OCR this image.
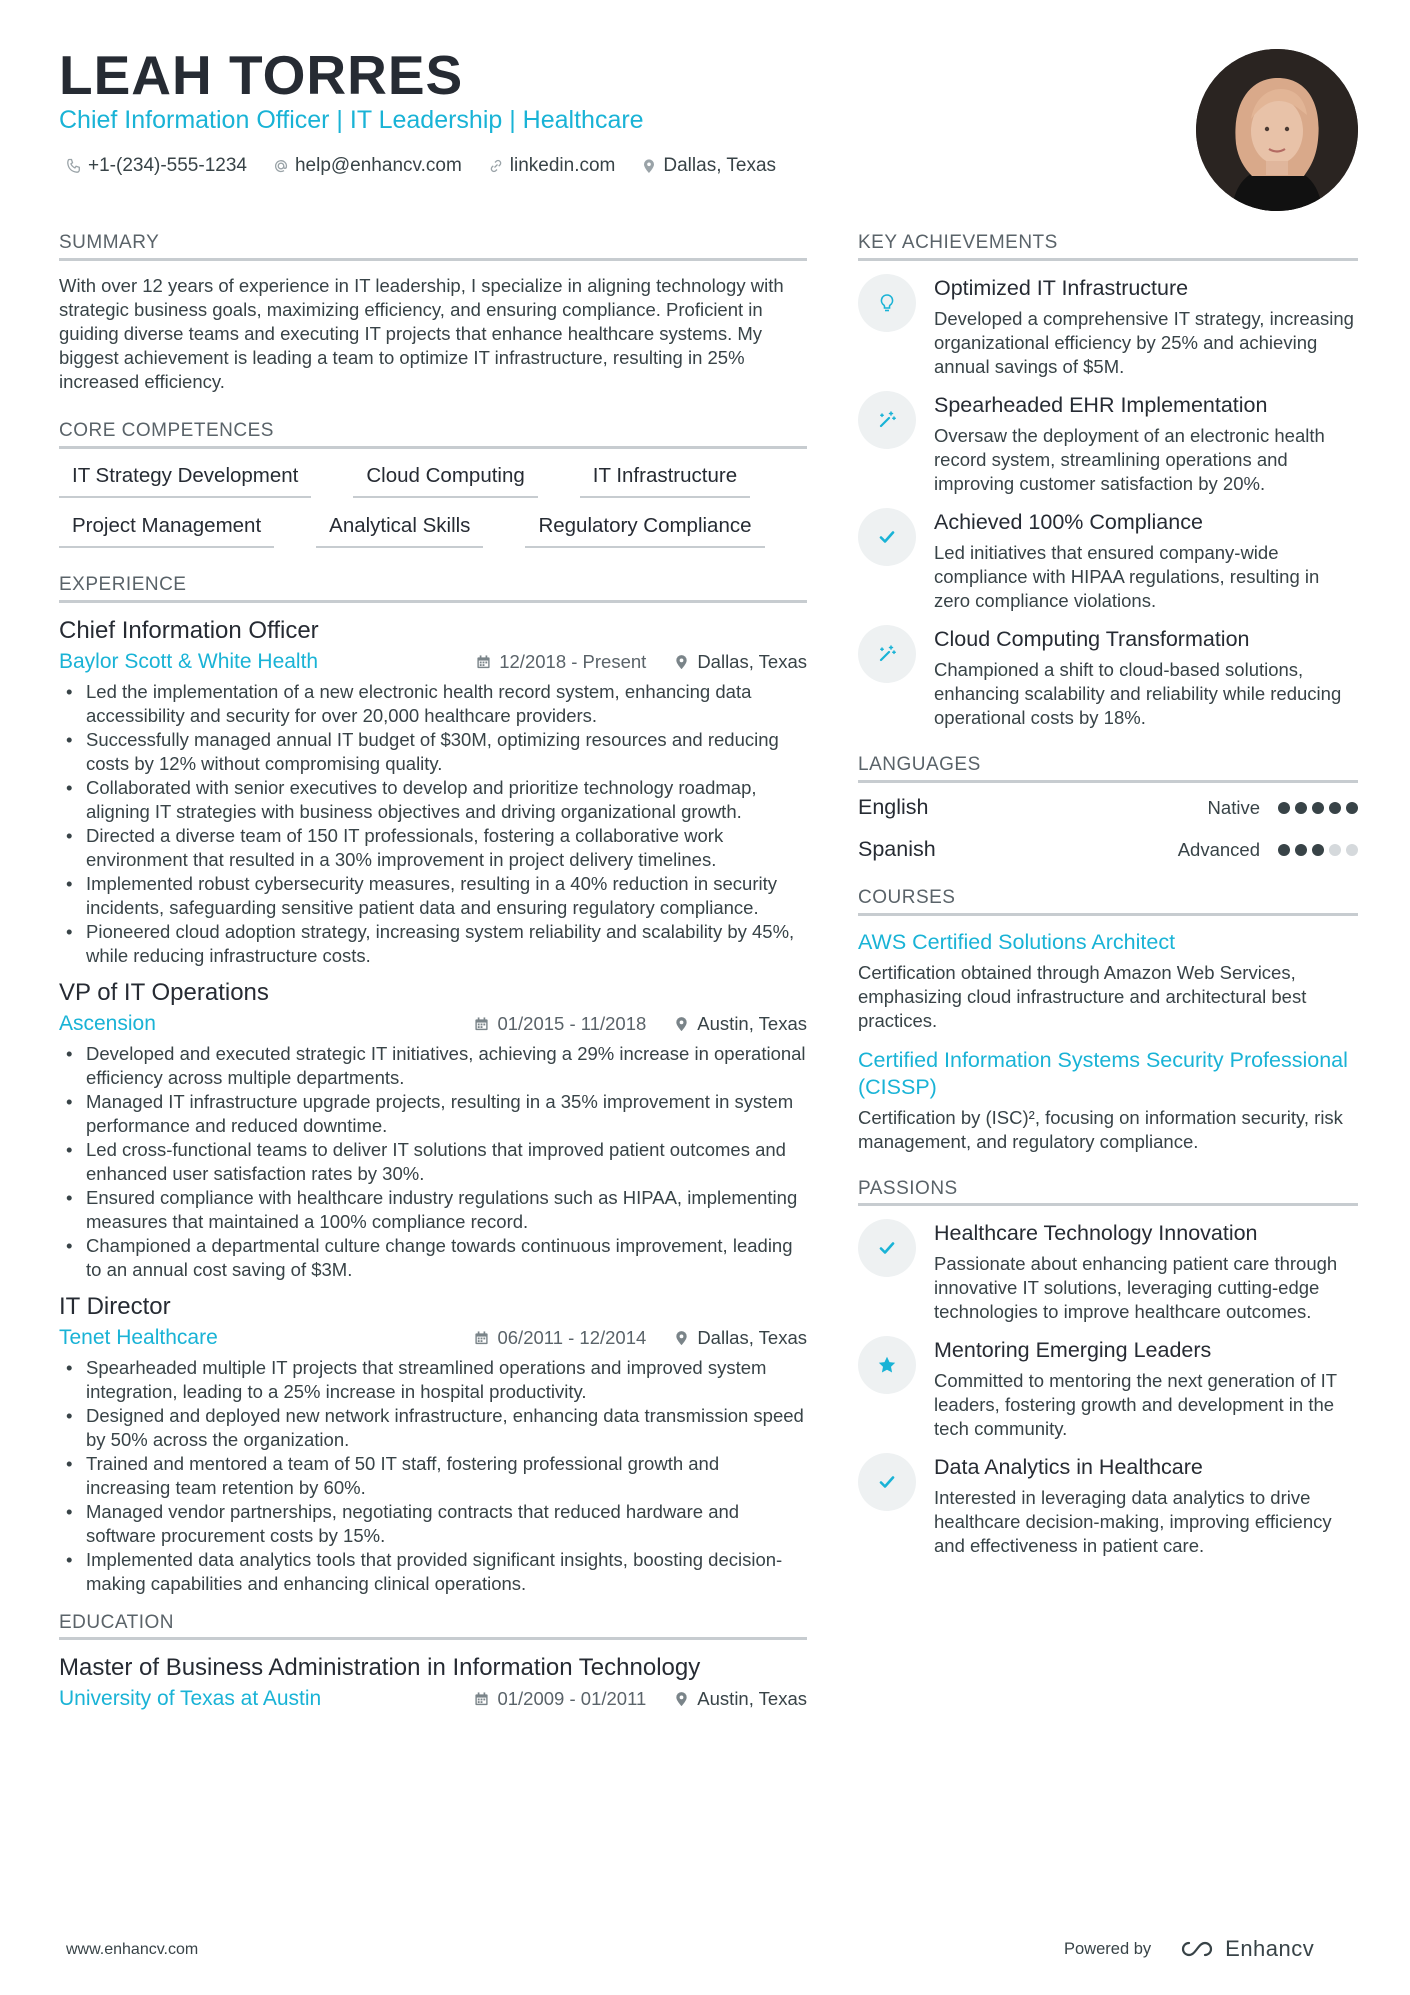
LEAH TORRES
Chief Information Officer | IT Leadership | Healthcare
+1-(234)-555-1234	help@enhancv.com	linkedin.com	Dallas, Texas
SUMMARY
With over 12 years of experience in IT leadership, I specialize in aligning technology with strategic business goals, maximizing efficiency, and ensuring compliance. Proficient in guiding diverse teams and executing IT projects that enhance healthcare systems. My biggest achievement is leading a team to optimize IT infrastructure, resulting in 25% increased efficiency.
CORE COMPETENCES
IT Strategy Development	Cloud Computing	IT Infrastructure
Project Management	Analytical Skills	Regulatory Compliance
EXPERIENCE
Chief Information Officer
Baylor Scott & White Health	12/2018 - Present	Dallas, Texas
• Led the implementation of a new electronic health record system, enhancing data accessibility and security for over 20,000 healthcare providers.
• Successfully managed annual IT budget of $30M, optimizing resources and reducing costs by 12% without compromising quality.
• Collaborated with senior executives to develop and prioritize technology roadmap, aligning IT strategies with business objectives and driving organizational growth.
• Directed a diverse team of 150 IT professionals, fostering a collaborative work environment that resulted in a 30% improvement in project delivery timelines.
• Implemented robust cybersecurity measures, resulting in a 40% reduction in security incidents, safeguarding sensitive patient data and ensuring regulatory compliance.
• Pioneered cloud adoption strategy, increasing system reliability and scalability by 45%, while reducing infrastructure costs.
VP of IT Operations
Ascension	01/2015 - 11/2018	Austin, Texas
• Developed and executed strategic IT initiatives, achieving a 29% increase in operational efficiency across multiple departments.
• Managed IT infrastructure upgrade projects, resulting in a 35% improvement in system performance and reduced downtime.
• Led cross-functional teams to deliver IT solutions that improved patient outcomes and enhanced user satisfaction rates by 30%.
• Ensured compliance with healthcare industry regulations such as HIPAA, implementing measures that maintained a 100% compliance record.
• Championed a departmental culture change towards continuous improvement, leading to an annual cost saving of $3M.
IT Director
Tenet Healthcare	06/2011 - 12/2014	Dallas, Texas
• Spearheaded multiple IT projects that streamlined operations and improved system integration, leading to a 25% increase in hospital productivity.
• Designed and deployed new network infrastructure, enhancing data transmission speed by 50% across the organization.
• Trained and mentored a team of 50 IT staff, fostering professional growth and increasing team retention by 60%.
• Managed vendor partnerships, negotiating contracts that reduced hardware and software procurement costs by 15%.
• Implemented data analytics tools that provided significant insights, boosting decision-making capabilities and enhancing clinical operations.
EDUCATION
Master of Business Administration in Information Technology
University of Texas at Austin	01/2009 - 01/2011	Austin, Texas
KEY ACHIEVEMENTS
Optimized IT Infrastructure
Developed a comprehensive IT strategy, increasing organizational efficiency by 25% and achieving annual savings of $5M.
Spearheaded EHR Implementation
Oversaw the deployment of an electronic health record system, streamlining operations and improving customer satisfaction by 20%.
Achieved 100% Compliance
Led initiatives that ensured company-wide compliance with HIPAA regulations, resulting in zero compliance violations.
Cloud Computing Transformation
Championed a shift to cloud-based solutions, enhancing scalability and reliability while reducing operational costs by 18%.
LANGUAGES
English	Native
Spanish	Advanced
COURSES
AWS Certified Solutions Architect
Certification obtained through Amazon Web Services, emphasizing cloud infrastructure and architectural best practices.
Certified Information Systems Security Professional (CISSP)
Certification by (ISC)², focusing on information security, risk management, and regulatory compliance.
PASSIONS
Healthcare Technology Innovation
Passionate about enhancing patient care through innovative IT solutions, leveraging cutting-edge technologies to improve healthcare outcomes.
Mentoring Emerging Leaders
Committed to mentoring the next generation of IT leaders, fostering growth and development in the tech community.
Data Analytics in Healthcare
Interested in leveraging data analytics to drive healthcare decision-making, improving efficiency and effectiveness in patient care.
www.enhancv.com	Powered by	Enhancv
